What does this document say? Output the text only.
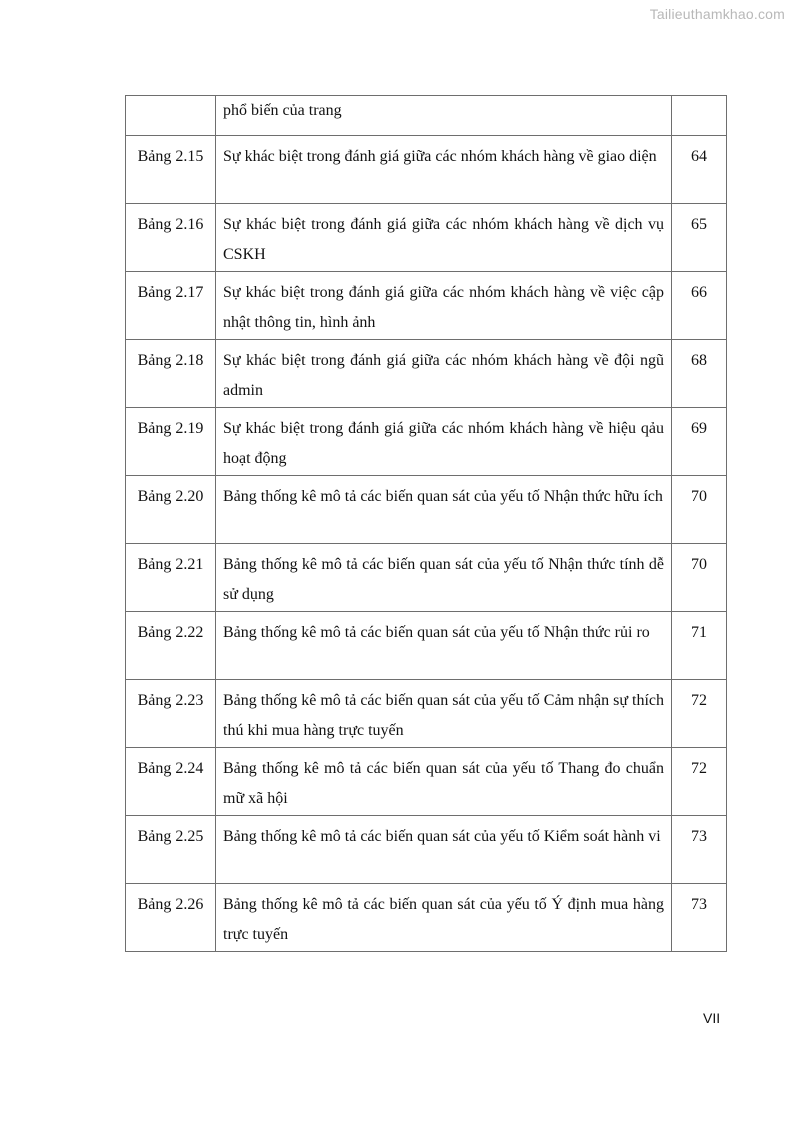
Tailieuthamkhao.com
	phổ biến của trang	
Bảng 2.15	Sự khác biệt trong đánh giá giữa các nhóm khách hàng về giao diện	64
Bảng 2.16	Sự khác biệt trong đánh giá giữa các nhóm khách hàng về dịch vụ CSKH	65
Bảng 2.17	Sự khác biệt trong đánh giá giữa các nhóm khách hàng về việc cập nhật thông tin, hình ảnh	66
Bảng 2.18	Sự khác biệt trong đánh giá giữa các nhóm khách hàng về đội ngũ admin	68
Bảng 2.19	Sự khác biệt trong đánh giá giữa các nhóm khách hàng về hiệu qảu hoạt động	69
Bảng 2.20	Bảng thống kê mô tả các biến quan sát của yếu tố Nhận thức hữu ích	70
Bảng 2.21	Bảng thống kê mô tả các biến quan sát của yếu tố Nhận thức tính dễ sử dụng	70
Bảng 2.22	Bảng thống kê mô tả các biến quan sát của yếu tố Nhận thức rủi ro	71
Bảng 2.23	Bảng thống kê mô tả các biến quan sát của yếu tố Cảm nhận sự thích thú khi mua hàng trực tuyến	72
Bảng 2.24	Bảng thống kê mô tả các biến quan sát của yếu tố Thang đo chuẩn mữ xã hội	72
Bảng 2.25	Bảng thống kê mô tả các biến quan sát của yếu tố Kiểm soát hành vi	73
Bảng 2.26	Bảng thống kê mô tả các biến quan sát của yếu tố Ý định mua hàng trực tuyến	73
VII
